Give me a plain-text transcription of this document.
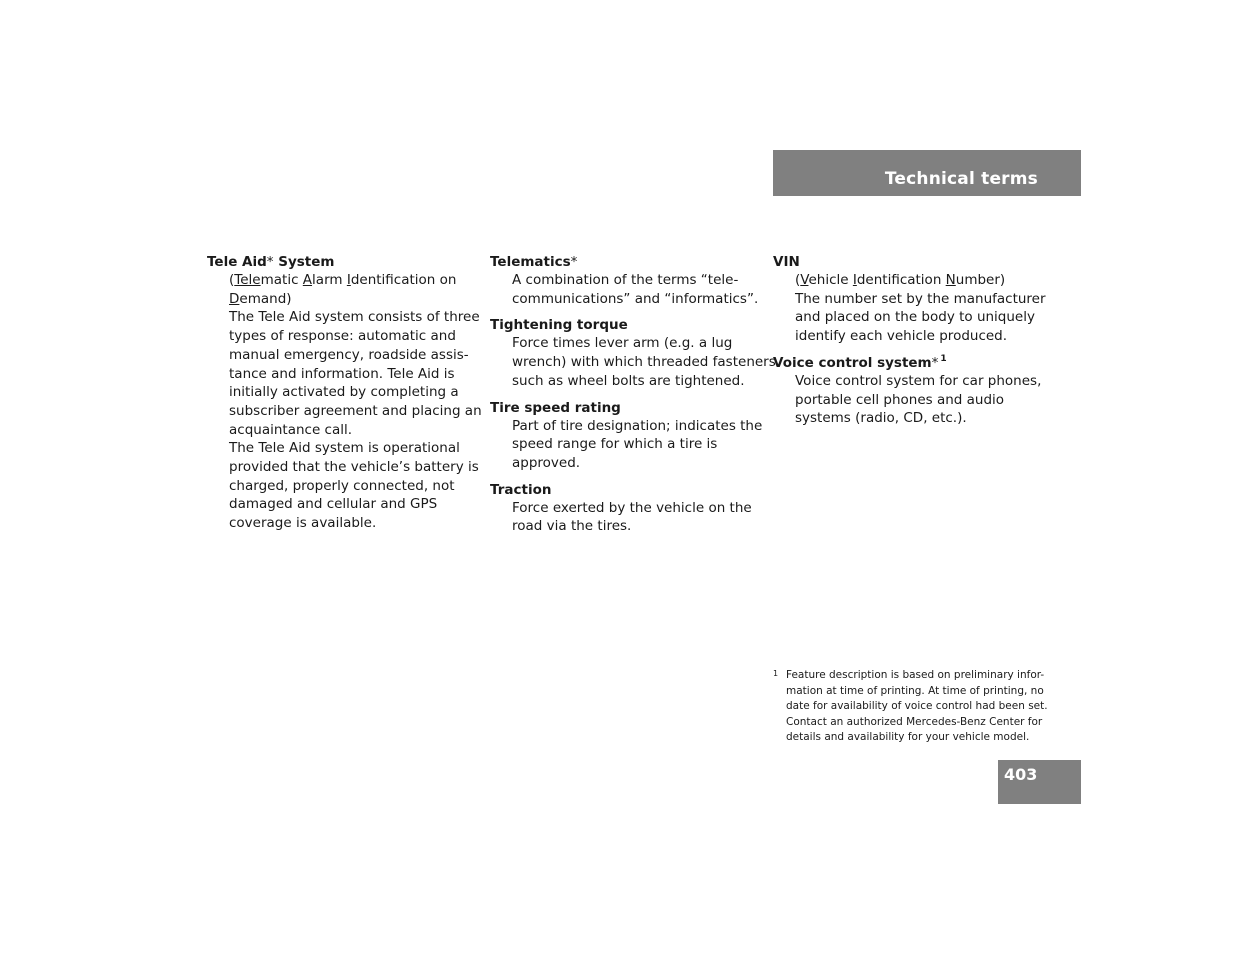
Technical terms

Tele Aid* System

(Telematic Alarm Identification on
Demand)
The Tele Aid system consists of three
types of response: automatic and
manual emergency, roadside assis-
tance and information. Tele Aid is
initially activated by completing a
subscriber agreement and placing an
acquaintance call.
The Tele Aid system is operational
provided that the vehicle’s battery is
charged, properly connected, not
damaged and cellular and GPS
coverage is available.

Telematics*

A combination of the terms “tele-
communications” and “informatics”.

Tightening torque

Force times lever arm (e.g. a lug
wrench) with which threaded fasteners
such as wheel bolts are tightened.

Tire speed rating

Part of tire designation; indicates the
speed range for which a tire is
approved.

Traction

Force exerted by the vehicle on the
road via the tires.

VIN

(Vehicle Identification Number)
The number set by the manufacturer
and placed on the body to uniquely
identify each vehicle produced.

Voice control system* $^1$

Voice control system for car phones,
portable cell phones and audio
systems (radio, CD, etc.).
1 Feature description is based on preliminary infor-
mation at time of printing. At time of printing, no
date for availability of voice control had been set.
Contact an authorized Mercedes-Benz Center for
details and availability for your vehicle model.
403
